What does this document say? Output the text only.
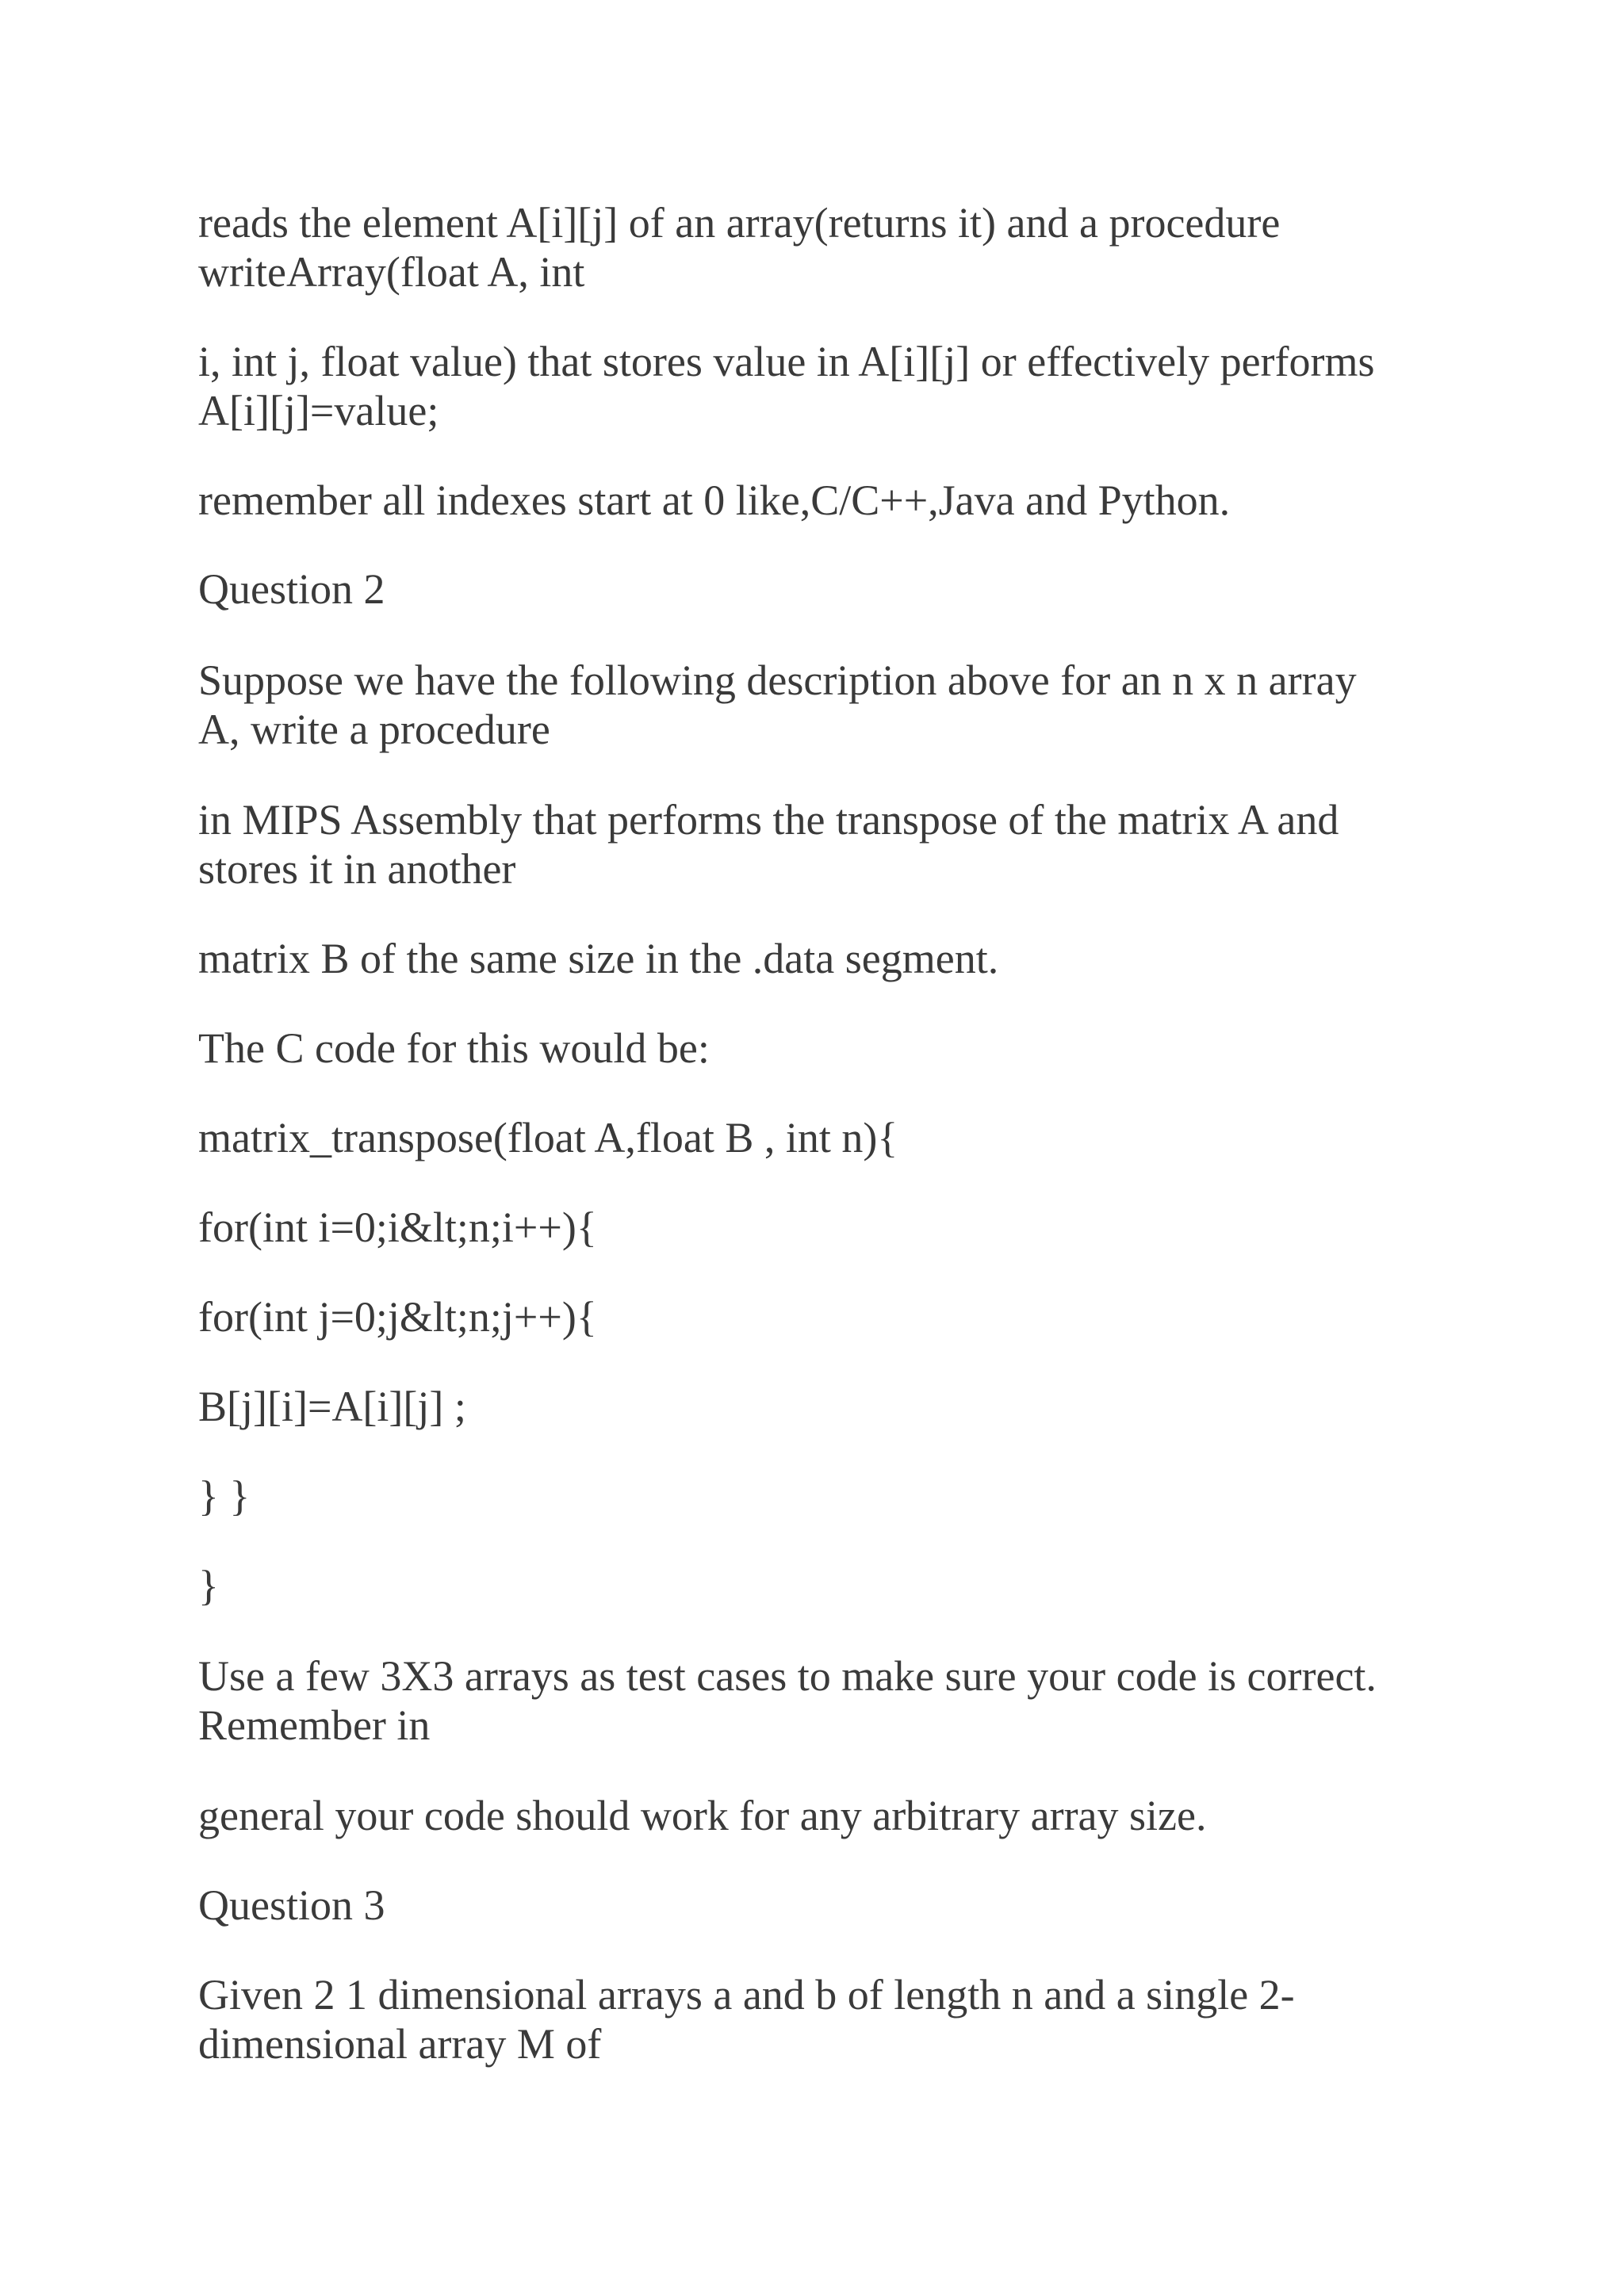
reads the element A[i][j] of an array(returns it) and a procedure
writeArray(float A, int

i, int j, float value) that stores value in A[i][j] or effectively performs
A[i][j]=value;

remember all indexes start at 0 like,C/C++,Java and Python.

Question 2

Suppose we have the following description above for an n x n array
A, write a procedure

in MIPS Assembly that performs the transpose of the matrix A and
stores it in another

matrix B of the same size in the .data segment.

The C code for this would be:

matrix_transpose(float A,float B , int n){

for(int i=0;i&lt;n;i++){

for(int j=0;j&lt;n;j++){

B[j][i]=A[i][j] ;

} }

}

Use a few 3X3 arrays as test cases to make sure your code is correct.
Remember in

general your code should work for any arbitrary array size.

Question 3

Given 2 1 dimensional arrays a and b of length n and a single 2-
dimensional array M of
